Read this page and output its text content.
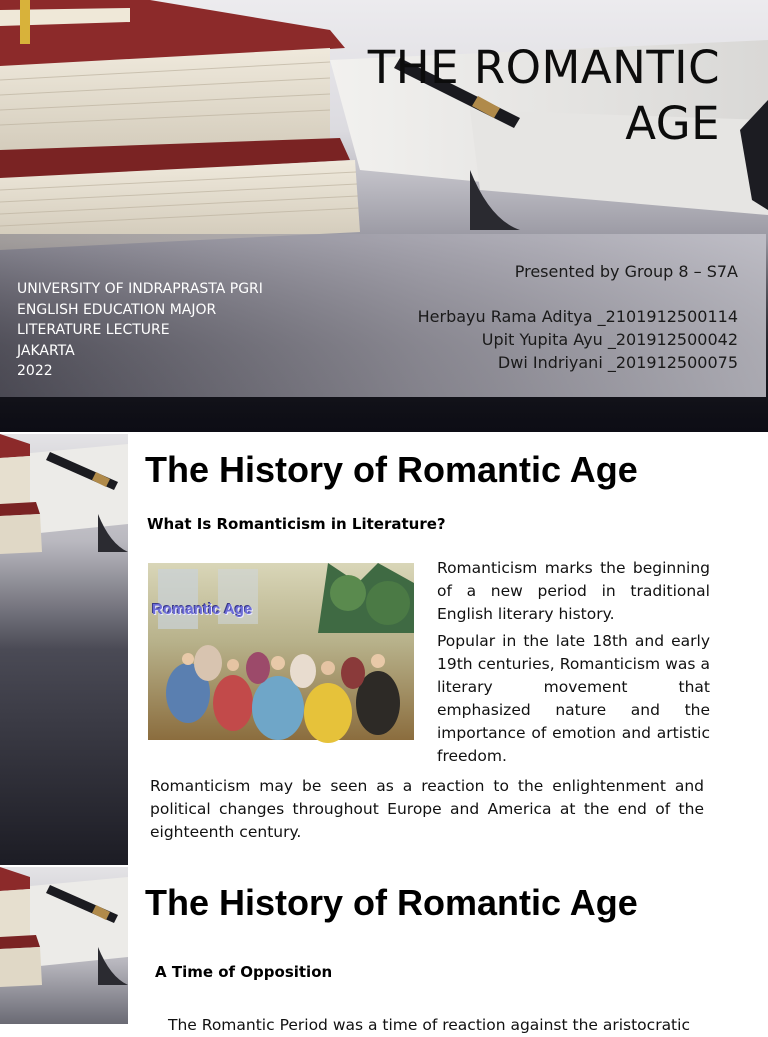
THE ROMANTIC
AGE
UNIVERSITY OF INDRAPRASTA PGRI
ENGLISH EDUCATION MAJOR
LITERATURE LECTURE
JAKARTA
2022
Presented by Group 8 – S7A
Herbayu Rama Aditya _2101912500114
Upit Yupita Ayu _201912500042
Dwi Indriyani _201912500075
The History of Romantic Age
What Is Romanticism in Literature?
Romantic Age
Romanticism marks the beginning of a new period in traditional English literary history.
Popular in the late 18th and early 19th centuries, Romanticism was a literary movement that emphasized nature and the importance of emotion and artistic freedom.
Romanticism may be seen as a reaction to the enlightenment and political changes throughout Europe and America at the end of the eighteenth century.
The History of Romantic Age
A Time of Opposition
The Romantic Period was a time of reaction against the aristocratic
